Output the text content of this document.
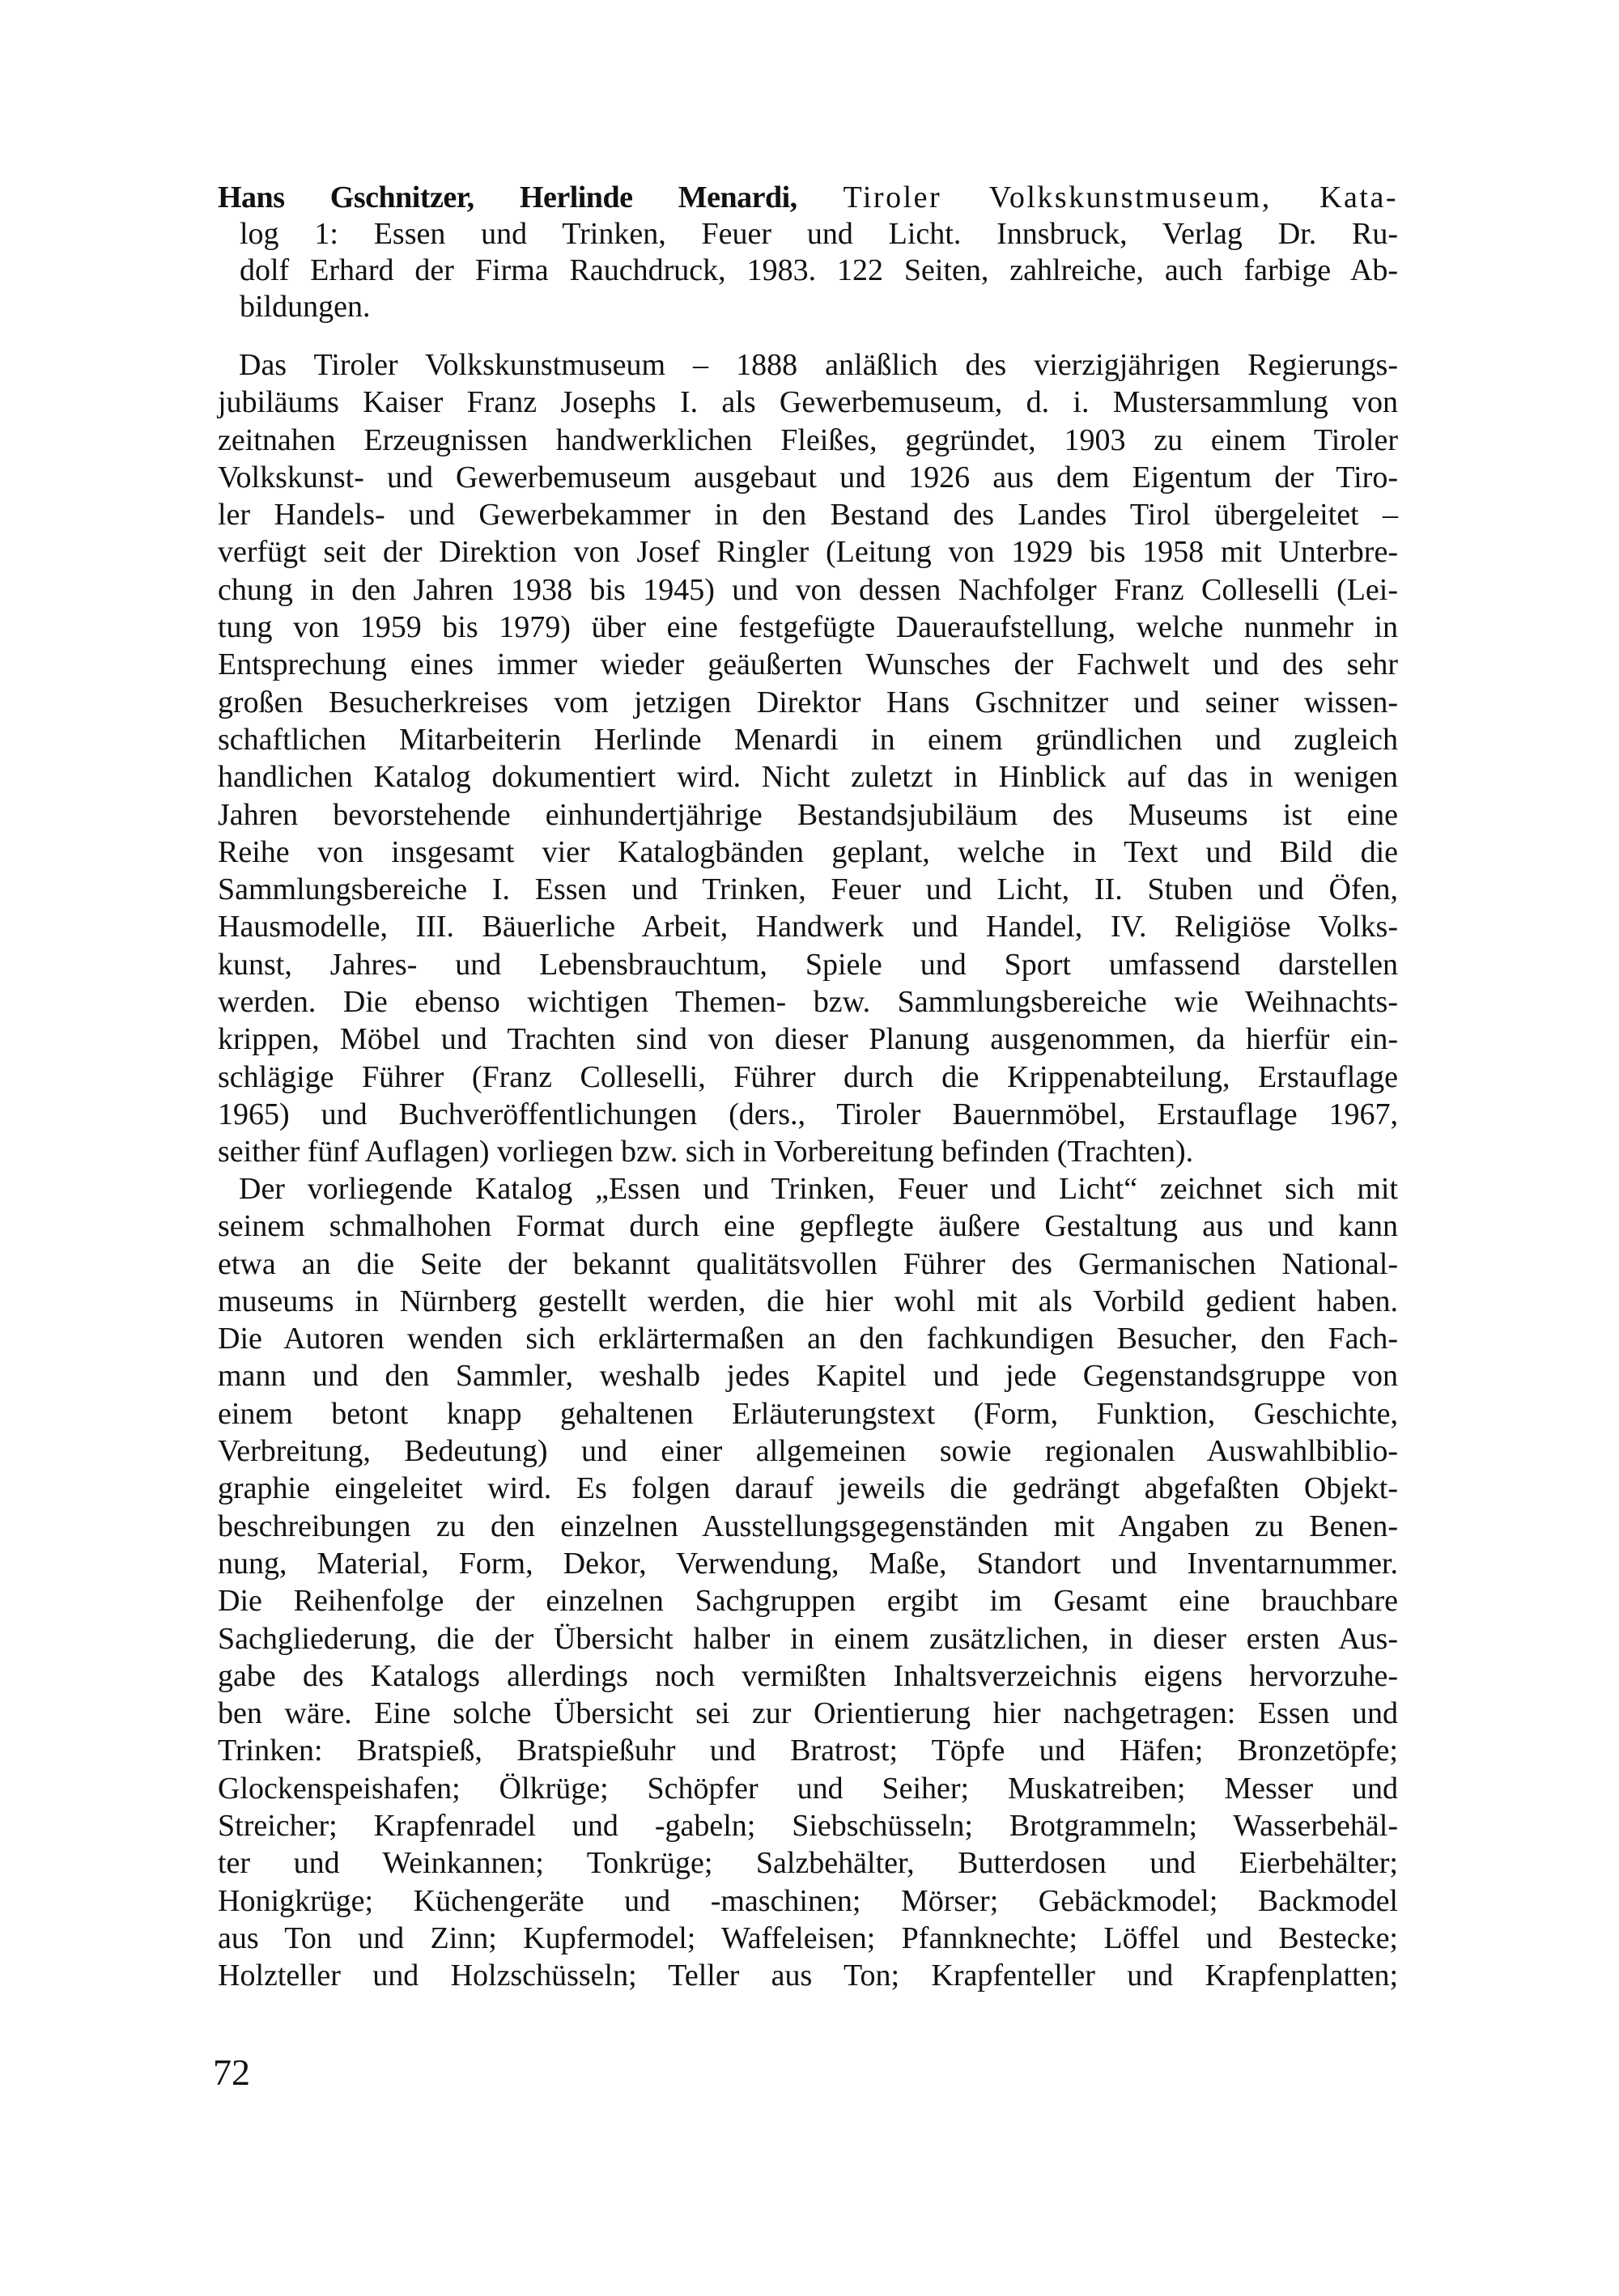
Hans Gschnitzer, Herlinde Menardi, Tiroler Volkskunstmuseum, Kata-
log 1: Essen und Trinken, Feuer und Licht. Innsbruck, Verlag Dr. Ru-
dolf Erhard der Firma Rauchdruck, 1983. 122 Seiten, zahlreiche, auch farbige Ab-
bildungen.
Das Tiroler Volkskunstmuseum – 1888 anläßlich des vierzigjährigen Regierungs-
jubiläums Kaiser Franz Josephs I. als Gewerbemuseum, d. i. Mustersammlung von
zeitnahen Erzeugnissen handwerklichen Fleißes, gegründet, 1903 zu einem Tiroler
Volkskunst- und Gewerbemuseum ausgebaut und 1926 aus dem Eigentum der Tiro-
ler Handels- und Gewerbekammer in den Bestand des Landes Tirol übergeleitet –
verfügt seit der Direktion von Josef Ringler (Leitung von 1929 bis 1958 mit Unterbre-
chung in den Jahren 1938 bis 1945) und von dessen Nachfolger Franz Colleselli (Lei-
tung von 1959 bis 1979) über eine festgefügte Daueraufstellung, welche nunmehr in
Entsprechung eines immer wieder geäußerten Wunsches der Fachwelt und des sehr
großen Besucherkreises vom jetzigen Direktor Hans Gschnitzer und seiner wissen-
schaftlichen Mitarbeiterin Herlinde Menardi in einem gründlichen und zugleich
handlichen Katalog dokumentiert wird. Nicht zuletzt in Hinblick auf das in wenigen
Jahren bevorstehende einhundertjährige Bestandsjubiläum des Museums ist eine
Reihe von insgesamt vier Katalogbänden geplant, welche in Text und Bild die
Sammlungsbereiche I. Essen und Trinken, Feuer und Licht, II. Stuben und Öfen,
Hausmodelle, III. Bäuerliche Arbeit, Handwerk und Handel, IV. Religiöse Volks-
kunst, Jahres- und Lebensbrauchtum, Spiele und Sport umfassend darstellen
werden. Die ebenso wichtigen Themen- bzw. Sammlungsbereiche wie Weihnachts-
krippen, Möbel und Trachten sind von dieser Planung ausgenommen, da hierfür ein-
schlägige Führer (Franz Colleselli, Führer durch die Krippenabteilung, Erstauflage
1965) und Buchveröffentlichungen (ders., Tiroler Bauernmöbel, Erstauflage 1967,
seither fünf Auflagen) vorliegen bzw. sich in Vorbereitung befinden (Trachten).
Der vorliegende Katalog „Essen und Trinken, Feuer und Licht“ zeichnet sich mit
seinem schmalhohen Format durch eine gepflegte äußere Gestaltung aus und kann
etwa an die Seite der bekannt qualitätsvollen Führer des Germanischen National-
museums in Nürnberg gestellt werden, die hier wohl mit als Vorbild gedient haben.
Die Autoren wenden sich erklärtermaßen an den fachkundigen Besucher, den Fach-
mann und den Sammler, weshalb jedes Kapitel und jede Gegenstandsgruppe von
einem betont knapp gehaltenen Erläuterungstext (Form, Funktion, Geschichte,
Verbreitung, Bedeutung) und einer allgemeinen sowie regionalen Auswahlbiblio-
graphie eingeleitet wird. Es folgen darauf jeweils die gedrängt abgefaßten Objekt-
beschreibungen zu den einzelnen Ausstellungsgegenständen mit Angaben zu Benen-
nung, Material, Form, Dekor, Verwendung, Maße, Standort und Inventarnummer.
Die Reihenfolge der einzelnen Sachgruppen ergibt im Gesamt eine brauchbare
Sachgliederung, die der Übersicht halber in einem zusätzlichen, in dieser ersten Aus-
gabe des Katalogs allerdings noch vermißten Inhaltsverzeichnis eigens hervorzuhe-
ben wäre. Eine solche Übersicht sei zur Orientierung hier nachgetragen: Essen und
Trinken: Bratspieß, Bratspießuhr und Bratrost; Töpfe und Häfen; Bronzetöpfe;
Glockenspeishafen; Ölkrüge; Schöpfer und Seiher; Muskatreiben; Messer und
Streicher; Krapfenradel und -gabeln; Siebschüsseln; Brotgrammeln; Wasserbehäl-
ter und Weinkannen; Tonkrüge; Salzbehälter, Butterdosen und Eierbehälter;
Honigkrüge; Küchengeräte und -maschinen; Mörser; Gebäckmodel; Backmodel
aus Ton und Zinn; Kupfermodel; Waffeleisen; Pfannknechte; Löffel und Bestecke;
Holzteller und Holzschüsseln; Teller aus Ton; Krapfenteller und Krapfenplatten;
72
